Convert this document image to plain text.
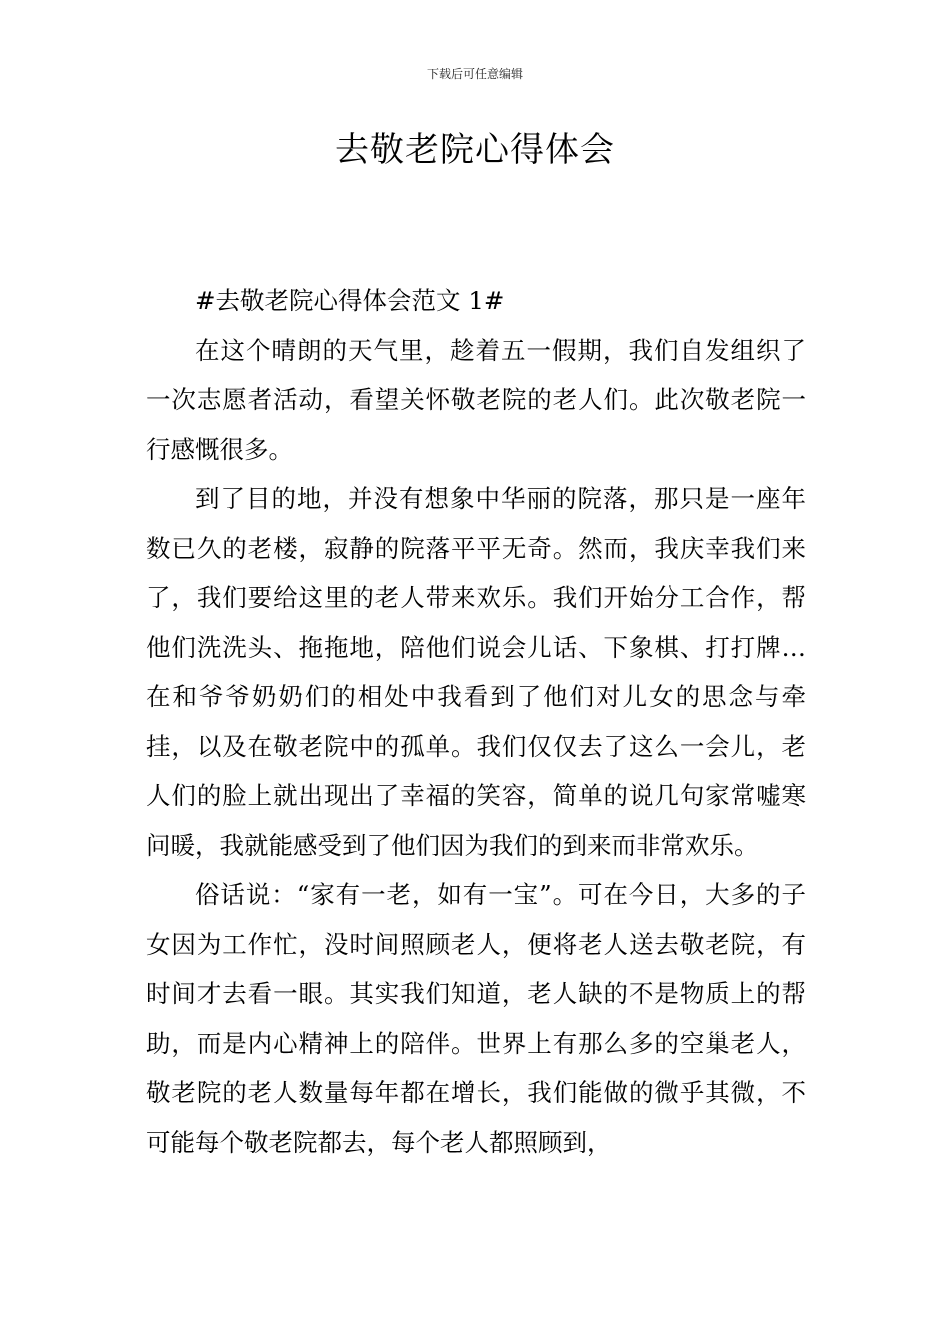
下载后可任意编辑
去敬老院心得体会

#去敬老院心得体会范文 1#

在这个晴朗的天气里，趁着五一假期，我们自发组织了一次志愿者活动，看望关怀敬老院的老人们。此次敬老院一行感慨很多。

到了目的地，并没有想象中华丽的院落，那只是一座年数已久的老楼，寂静的院落平平无奇。然而，我庆幸我们来了，我们要给这里的老人带来欢乐。我们开始分工合作，帮他们洗洗头、拖拖地，陪他们说会儿话、下象棋、打打牌…在和爷爷奶奶们的相处中我看到了他们对儿女的思念与牵挂，以及在敬老院中的孤单。我们仅仅去了这么一会儿，老人们的脸上就出现出了幸福的笑容，简单的说几句家常嘘寒问暖，我就能感受到了他们因为我们的到来而非常欢乐。

俗话说：“家有一老，如有一宝”。可在今日，大多的子女因为工作忙，没时间照顾老人，便将老人送去敬老院，有时间才去看一眼。其实我们知道，老人缺的不是物质上的帮助，而是内心精神上的陪伴。世界上有那么多的空巢老人，敬老院的老人数量每年都在增长，我们能做的微乎其微，不可能每个敬老院都去，每个老人都照顾到，
